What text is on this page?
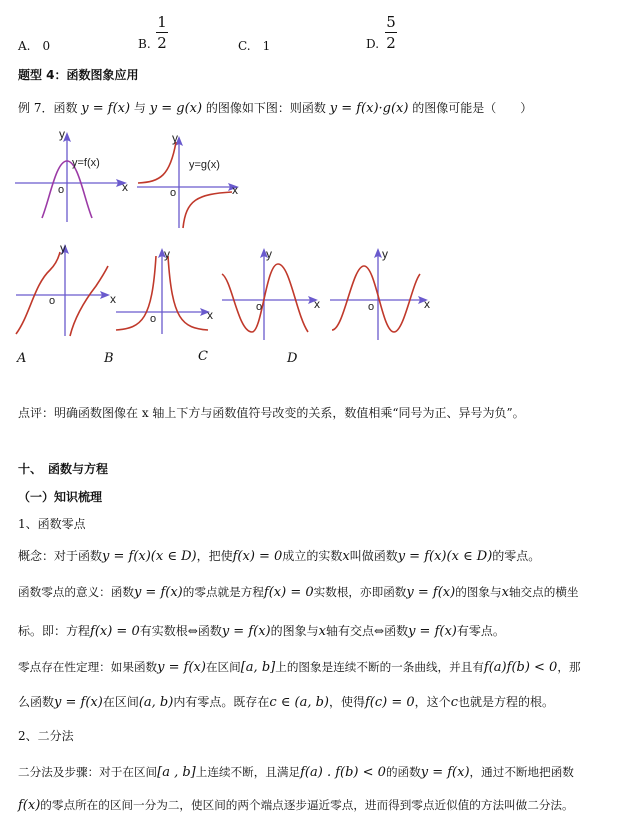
A.　0	B.
1
2	C.　1	D.
5
2
题型 4：函数图象应用
例 7．函数 y = f(x) 与 y = g(x) 的图像如下图：则函数 y = f(x)·g(x) 的图像可能是（　　）
y
y=f(x)
o	x
y
y=g(x)
o	x
y
o	x
y
o	x
y
o	x
y
o	x
A	B	C	D
点评：明确函数图像在 x 轴上下方与函数值符号改变的关系，数值相乘“同号为正、异号为负”。
十、　函数与方程
（一）知识梳理
1、函数零点
概念：对于函数y = f(x)(x ∈ D)，把使f(x) = 0成立的实数x叫做函数y = f(x)(x ∈ D)的零点。
函数零点的意义：函数y = f(x)的零点就是方程f(x) = 0实数根，亦即函数y = f(x)的图象与x轴交点的横坐
标。即：方程f(x) = 0有实数根⇔函数y = f(x)的图象与x轴有交点⇔函数y = f(x)有零点。
零点存在性定理：如果函数y = f(x)在区间[a, b]上的图象是连续不断的一条曲线，并且有f(a)f(b) < 0，那
么函数y = f(x)在区间(a, b)内有零点。既存在c ∈ (a, b)，使得f(c) = 0，这个c也就是方程的根。
2、二分法
二分法及步骤：对于在区间[a , b]上连续不断，且满足f(a) . f(b) < 0的函数y = f(x)，通过不断地把函数
f(x)的零点所在的区间一分为二，使区间的两个端点逐步逼近零点，进而得到零点近似值的方法叫做二分法。
